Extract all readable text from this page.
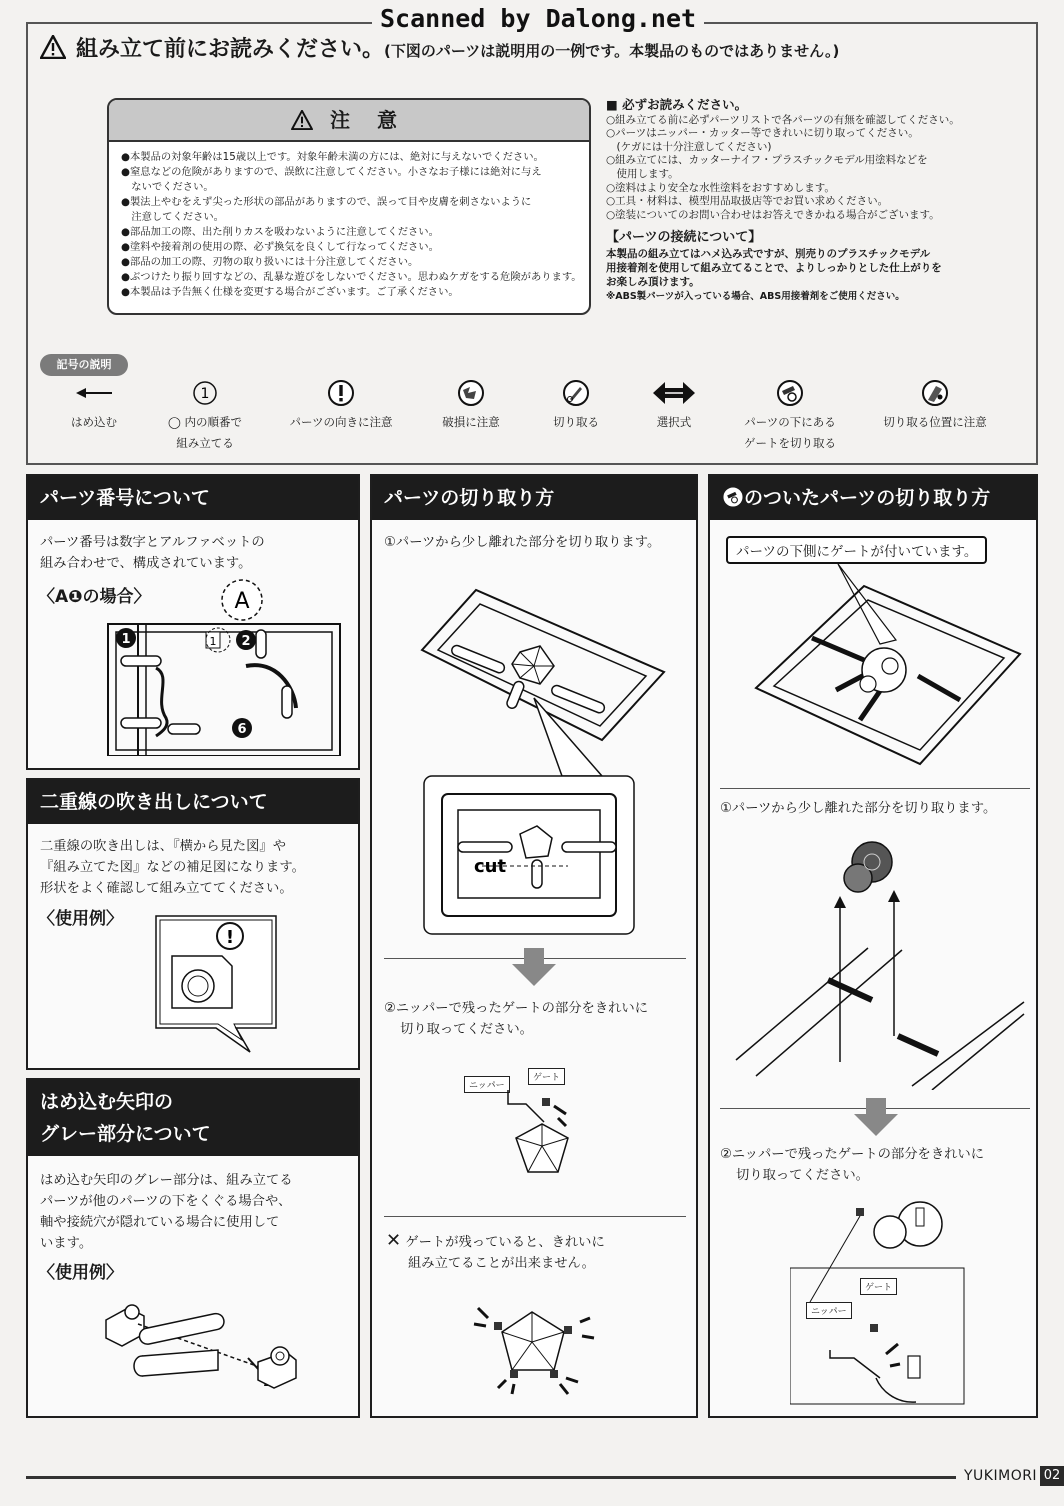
Scanned by Dalong.net
組み立て前にお読みください。(下図のパーツは説明用の一例です。本製品のものではありません。)
注 意
●本製品の対象年齢は15歳以上です。対象年齢未満の方には、絶対に与えないでください。
●窒息などの危険がありますので、誤飲に注意してください。小さなお子様には絶対に与え
　ないでください。
●製法上やむをえず尖った形状の部品がありますので、誤って目や皮膚を刺さないように
　注意してください。
●部品加工の際、出た削りカスを吸わないように注意してください。
●塗料や接着剤の使用の際、必ず換気を良くして行なってください。
●部品の加工の際、刃物の取り扱いには十分注意してください。
●ぶつけたり振り回すなどの、乱暴な遊びをしないでください。思わぬケガをする危険があります。
●本製品は予告無く仕様を変更する場合がございます。ご了承ください。
■ 必ずお読みください。
○組み立てる前に必ずパーツリストで各パーツの有無を確認してください。
○パーツはニッパー・カッター等できれいに切り取ってください。
　(ケガには十分注意してください)
○組み立てには、カッターナイフ・プラスチックモデル用塗料などを
　使用します。
○塗料はより安全な水性塗料をおすすめします。
○工具・材料は、模型用品取扱店等でお買い求めください。
○塗装についてのお問い合わせはお答えできかねる場合がございます。
【パーツの接続について】
本製品の組み立てはハメ込み式ですが、別売りのプラスチックモデル
用接着剤を使用して組み立てることで、よりしっかりとした仕上がりを
お楽しみ頂けます。
※ABS製パーツが入っている場合、ABS用接着剤をご使用ください。
記号の説明
はめ込む
1
◯ 内の順番で
組み立てる
パーツの向きに注意	破損に注意	切り取る	選択式	パーツの下にある
ゲートを切り取る
切り取る位置に注意
パーツ番号について
パーツ番号は数字とアルファベットの
組み合わせで、構成されています。
〈A❶の場合〉	A
1	1 2
6
二重線の吹き出しについて
二重線の吹き出しは、『横から見た図』や
『組み立てた図』などの補足図になります。
形状をよく確認して組み立ててください。
〈使用例〉
!
はめ込む矢印の
グレー部分について
はめ込む矢印のグレー部分は、組み立てる
パーツが他のパーツの下をくぐる場合や、
軸や接続穴が隠れている場合に使用して
います。
〈使用例〉
パーツの切り取り方
①パーツから少し離れた部分を切り取ります。
cut
②ニッパーで残ったゲートの部分をきれいに
切り取ってください。
ニッパー
ゲート
✕ ゲートが残っていると、きれいに
組み立てることが出来ません。
のついたパーツの切り取り方
パーツの下側にゲートが付いています。
①パーツから少し離れた部分を切り取ります。
②ニッパーで残ったゲートの部分をきれいに
切り取ってください。
ゲート
ニッパー
YUKIMORI 02
